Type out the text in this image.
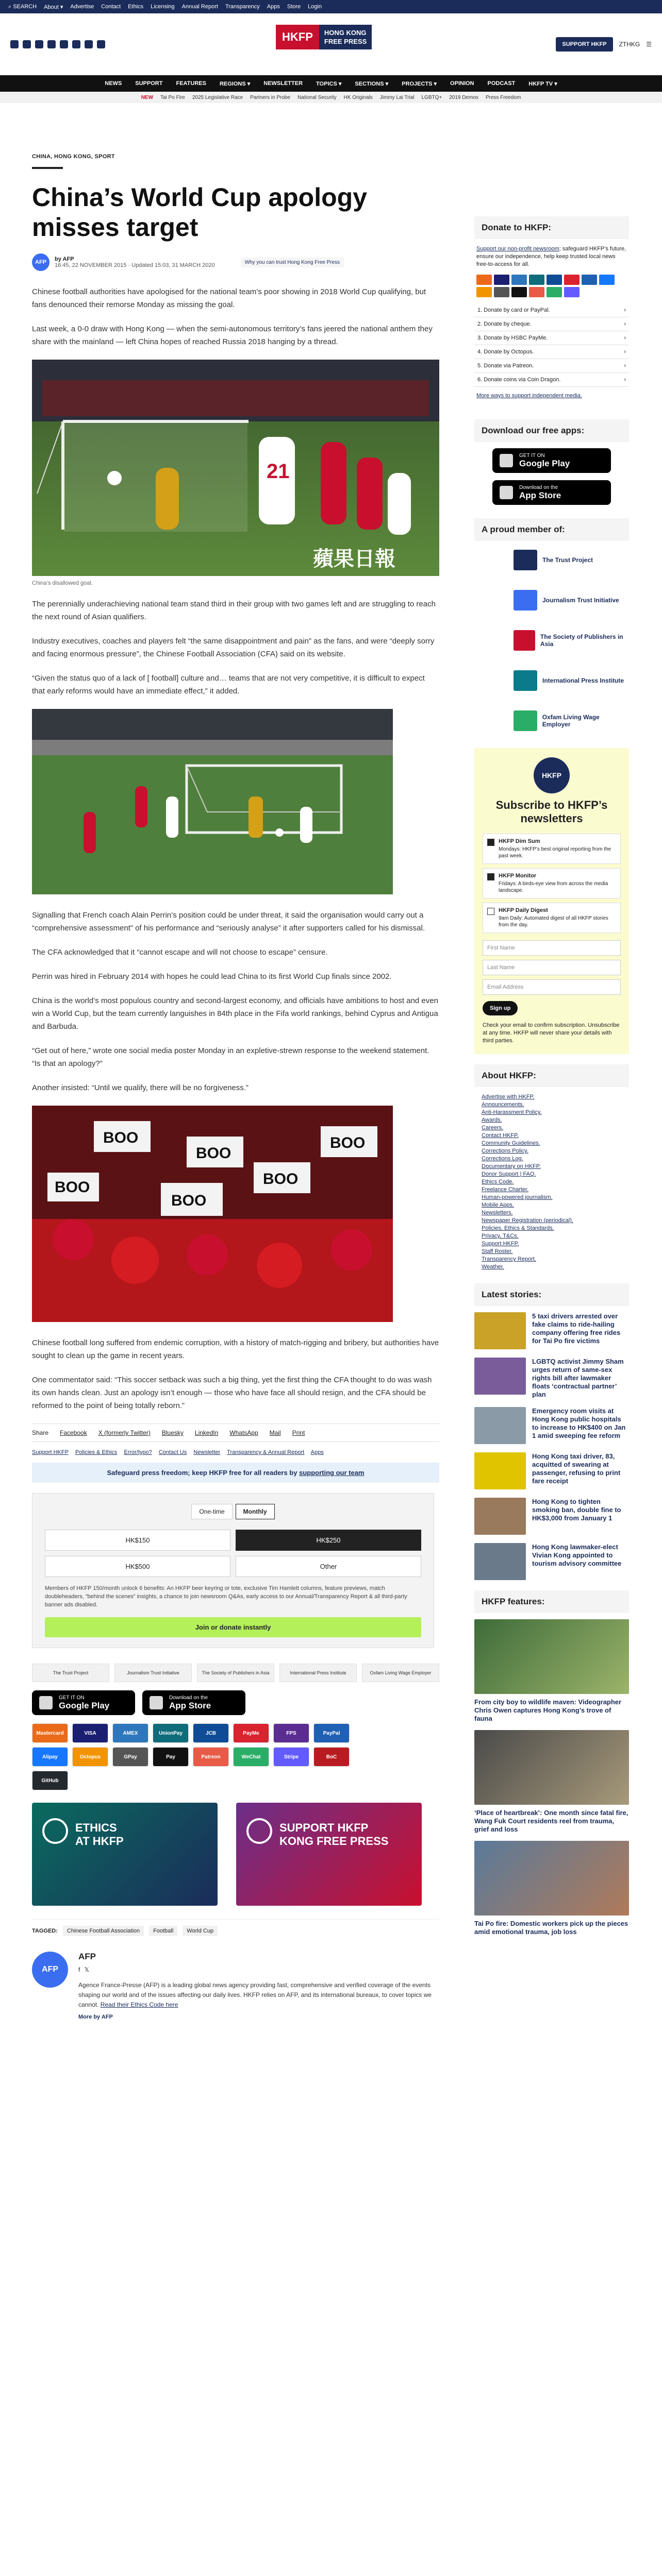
⌕ SEARCH About ▾ Advertise Contact Ethics Licensing Annual Report Transparency Apps Store Login
HKFP	HONG KONG
FREE PRESS	SUPPORT HKFP	ZTHKG ☰
NEWS SUPPORT FEATURES REGIONS ▾ NEWSLETTER TOPICS ▾ SECTIONS ▾ PROJECTS ▾ OPINION PODCAST HKFP TV ▾
NEW Tai Po Fire 2025 Legislative Race Partners in Probe National Security HK Originals Jimmy Lai Trial LGBTQ+ 2019 Demos Press Freedom
CHINA, HONG KONG, SPORT
China’s World Cup apology misses target
AFP	by AFP
16:45, 22 NOVEMBER 2015 · Updated 15:03, 31 MARCH 2020	Why you can trust Hong Kong Free Press

Chinese football authorities have apologised for the national team’s poor showing in 2018 World Cup qualifying, but fans denounced their remorse Monday as missing the goal.

Last week, a 0-0 draw with Hong Kong — when the semi-autonomous territory’s fans jeered the national anthem they share with the mainland — left China hopes of reached Russia 2018 hanging by a thread.

21
蘋果日報
China’s disallowed goal.

The perennially underachieving national team stand third in their group with two games left and are struggling to reach the next round of Asian qualifiers.

Industry executives, coaches and players felt “the same disappointment and pain” as the fans, and were “deeply sorry and facing enormous pressure”, the Chinese Football Association (CFA) said on its website.

“Given the status quo of a lack of [ football] culture and… teams that are not very competitive, it is difficult to expect that early reforms would have an immediate effect,” it added.

Signalling that French coach Alain Perrin’s position could be under threat, it said the organisation would carry out a “comprehensive assessment” of his performance and “seriously analyse” it after supporters called for his dismissal.

The CFA acknowledged that it “cannot escape and will not choose to escape” censure.

Perrin was hired in February 2014 with hopes he could lead China to its first World Cup finals since 2002.

China is the world’s most populous country and second-largest economy, and officials have ambitions to host and even win a World Cup, but the team currently languishes in 84th place in the Fifa world rankings, behind Cyprus and Antigua and Barbuda.

“Get out of here,” wrote one social media poster Monday in an expletive-strewn response to the weekend statement. “Is that an apology?”

Another insisted: “Until we qualify, there will be no forgiveness.”

BOO
BOO
BOO
BOO
BOO
BOO

Chinese football long suffered from endemic corruption, with a history of match-rigging and bribery, but authorities have sought to clean up the game in recent years.

One commentator said: “This soccer setback was such a big thing, yet the first thing the CFA thought to do was wash its own hands clean. Just an apology isn’t enough — those who have face all should resign, and the CFA should be reformed to the point of being totally reborn.”

Share Facebook X (formerly Twitter) Bluesky LinkedIn WhatsApp Mail Print
Support HKFP Policies & Ethics Error/typo? Contact Us Newsletter Transparency & Annual Report Apps
Safeguard press freedom; keep HKFP free for all readers by supporting our team
One-time	Monthly
HK$150	HK$250
HK$500	Other
Members of HKFP 150/month unlock 6 benefits: An HKFP beer keyring or tote, exclusive Tim Hamlett columns, feature previews, match doubleheaders, “behind the scenes” insights, a chance to join newsroom Q&As, early access to our Annual/Transparency Report & all third-party banner ads disabled.
Join or donate instantly
The Trust Project	Journalism Trust Initiative	The Society of Publishers in Asia	International Press Institute	Oxfam Living Wage Employer
GET IT ON
Google Play
Download on the
App Store
Mastercard	VISA	AMEX	UnionPay	JCB	PayMe	FPS	PayPal
Alipay	Octopus	GPay	Pay	Patreon	WeChat	Stripe	BoC
GitHub
ETHICS
AT HKFP
SUPPORT HKFP
KONG FREE PRESS
TAGGED:	Chinese Football Association	Football	World Cup
AFP
AFP
f 𝕏
Agence France-Presse (AFP) is a leading global news agency providing fast, comprehensive and verified coverage of the events shaping our world and of the issues affecting our daily lives. HKFP relies on AFP, and its international bureaux, to cover topics we cannot. Read their Ethics Code here
More by AFP
Donate to HKFP:
Support our non-profit newsroom; safeguard HKFP’s future, ensure our independence, help keep trusted local news free-to-access for all.
1. Donate by card or PayPal.	›
2. Donate by cheque.	›
3. Donate by HSBC PayMe.	›
4. Donate by Octopus.	›
5. Donate via Patreon.	›
6. Donate coins via Coin Dragon.	›
More ways to support independent media.
Download our free apps:
GET IT ON
Google Play
Download on the
App Store
A proud member of:
The Trust Project
Journalism Trust Initiative
The Society of Publishers in Asia
International Press Institute
Oxfam Living Wage Employer
HKFP
Subscribe to HKFP’s newsletters
HKFP Dim Sum
Mondays: HKFP’s best original reporting from the past week.
HKFP Monitor
Fridays: A birds-eye view from across the media landscape.
HKFP Daily Digest
9am Daily: Automated digest of all HKFP stories from the day.
First Name
Last Name
Email Address
Sign up
Check your email to confirm subscription. Unsubscribe at any time. HKFP will never share your details with third parties.
About HKFP:
Advertise with HKFP.
Announcements.
Anti-Harassment Policy.
Awards.
Careers.
Contact HKFP.
Community Guidelines.
Corrections Policy.
Corrections Log.
Documentary on HKFP.
Donor Support | FAQ.
Ethics Code.
Freelance Charter.
Human-powered journalism.
Mobile Apps.
Newsletters.
Newspaper Registration (periodical).
Policies, Ethics & Standards.
Privacy, T&Cs.
Support HKFP.
Staff Roster.
Transparency Report.
Weather.
Latest stories:
5 taxi drivers arrested over fake claims to ride-hailing company offering free rides for Tai Po fire victims
LGBTQ activist Jimmy Sham urges return of same-sex rights bill after lawmaker floats ‘contractual partner’ plan
Emergency room visits at Hong Kong public hospitals to increase to HK$400 on Jan 1 amid sweeping fee reform
Hong Kong taxi driver, 83, acquitted of swearing at passenger, refusing to print fare receipt
Hong Kong to tighten smoking ban, double fine to HK$3,000 from January 1
Hong Kong lawmaker-elect Vivian Kong appointed to tourism advisory committee
HKFP features:
From city boy to wildlife maven: Videographer Chris Owen captures Hong Kong’s trove of fauna
‘Place of heartbreak’: One month since fatal fire, Wang Fuk Court residents reel from trauma, grief and loss
Tai Po fire: Domestic workers pick up the pieces amid emotional trauma, job loss
